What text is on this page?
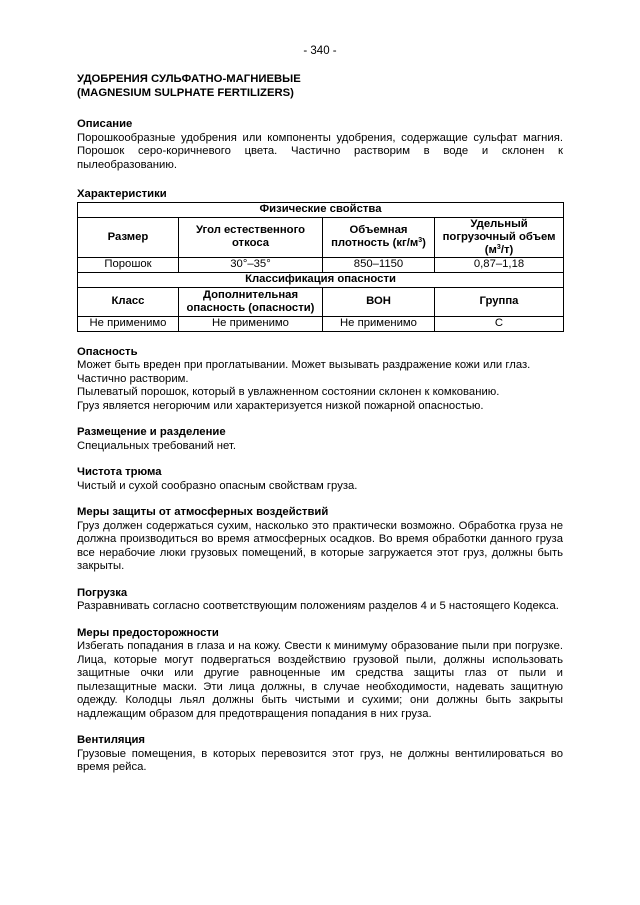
- 340 -

УДОБРЕНИЯ СУЛЬФАТНО-МАГНИЕВЫЕ

(MAGNESIUM SULPHATE FERTILIZERS)

Описание

Порошкообразные удобрения или компоненты удобрения, содержащие сульфат магния. Порошок серо-коричневого цвета. Частично растворим в воде и склонен к пылеобразованию.

Характеристики

Физические свойства			
Размер	Угол естественного откоса	Объемная плотность $(кг/м^3)$	Удельный погрузочный объем $(м^3/т)$
Порошок	30°–35°	850–1150	0,87–1,18
Классификация опасности			
Класс	Дополнительная опасность (опасности)	ВОН	Группа
Не применимо	Не применимо	Не применимо	С

Опасность

Может быть вреден при проглатывании. Может вызывать раздражение кожи или глаз.

Частично растворим.

Пылеватый порошок, который в увлажненном состоянии склонен к комкованию.

Груз является негорючим или характеризуется низкой пожарной опасностью.

Размещение и разделение

Специальных требований нет.

Чистота трюма

Чистый и сухой сообразно опасным свойствам груза.

Меры защиты от атмосферных воздействий

Груз должен содержаться сухим, насколько это практически возможно. Обработка груза не должна производиться во время атмосферных осадков. Во время обработки данного груза все нерабочие люки грузовых помещений, в которые загружается этот груз, должны быть закрыты.

Погрузка

Разравнивать согласно соответствующим положениям разделов 4 и 5 настоящего Кодекса.

Меры предосторожности

Избегать попадания в глаза и на кожу. Свести к минимуму образование пыли при погрузке. Лица, которые могут подвергаться воздействию грузовой пыли, должны использовать защитные очки или другие равноценные им средства защиты глаз от пыли и пылезащитные маски. Эти лица должны, в случае необходимости, надевать защитную одежду. Колодцы льял должны быть чистыми и сухими; они должны быть закрыты надлежащим образом для предотвращения попадания в них груза.

Вентиляция

Грузовые помещения, в которых перевозится этот груз, не должны вентилироваться во время рейса.
